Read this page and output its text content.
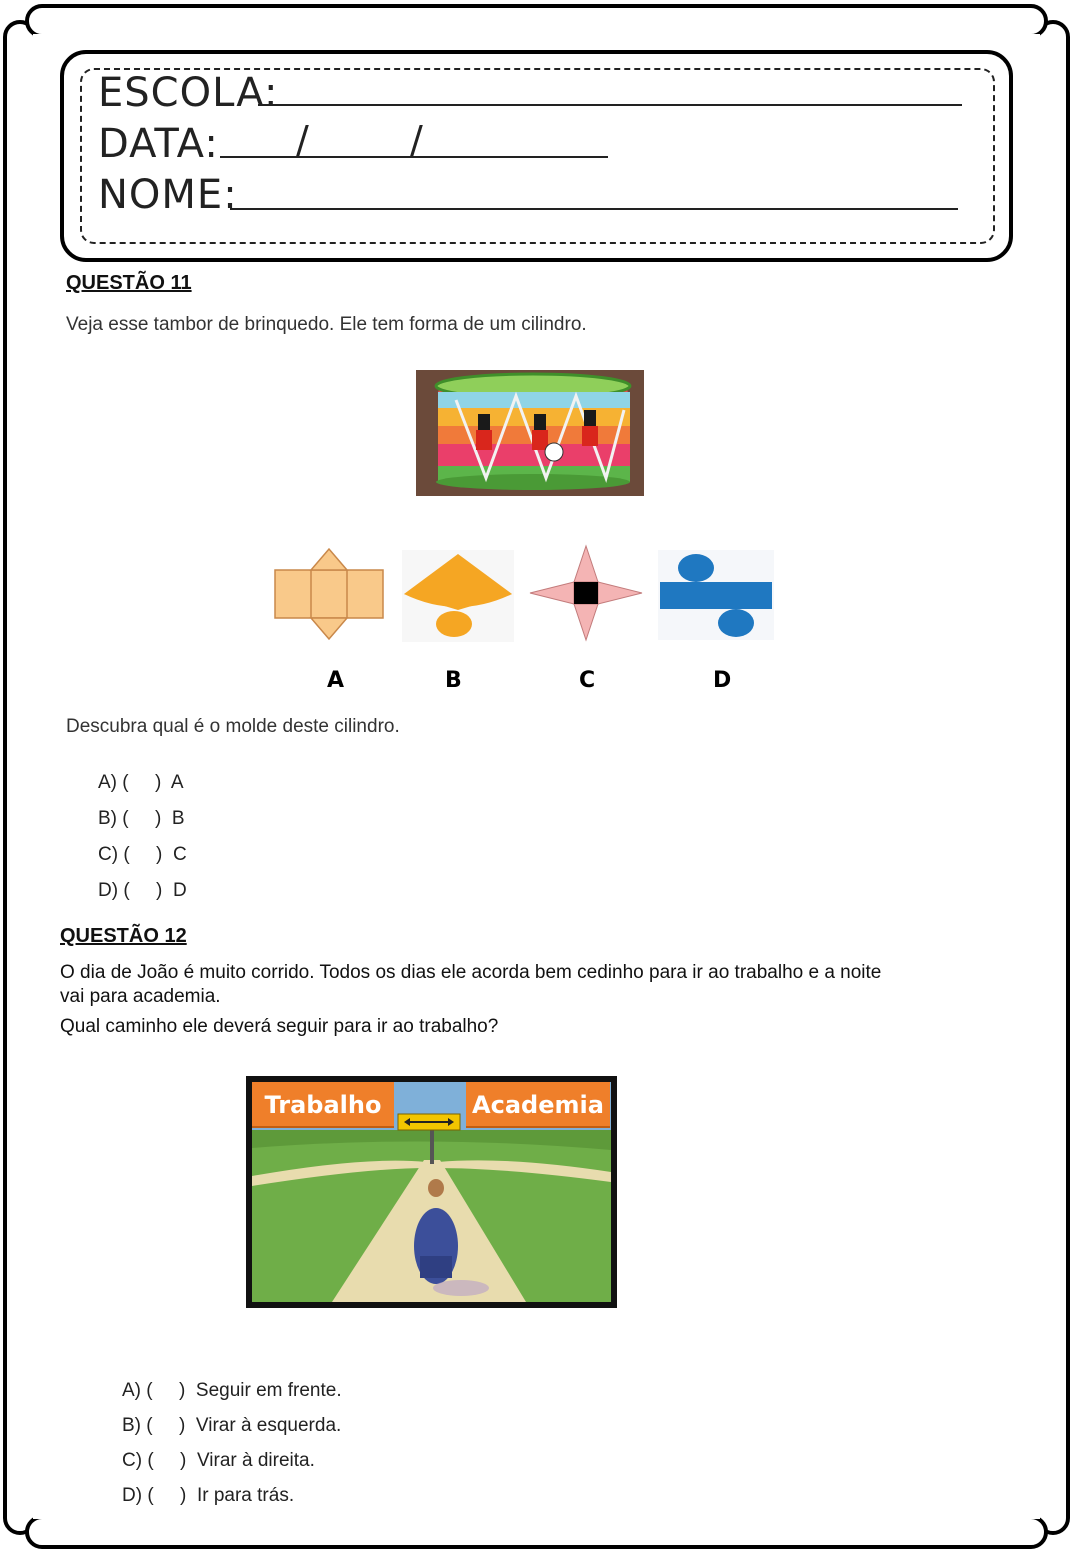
ESCOLA:
DATA: /	/
NOME:
QUESTÃO 11
Veja esse tambor de brinquedo. Ele tem forma de um cilindro.
A	B	C	D
Descubra qual é o molde deste cilindro.
A) (     ) A
B) (     ) B
C) (     ) C
D) (     ) D
QUESTÃO 12
O dia de João é muito corrido. Todos os dias ele acorda bem cedinho para ir ao trabalho e a noite
vai para academia.
Qual caminho ele deverá seguir para ir ao trabalho?
Trabalho	Academia
A) (     ) Seguir em frente.
B) (     ) Virar à esquerda.
C) (     ) Virar à direita.
D) (     ) Ir para trás.
